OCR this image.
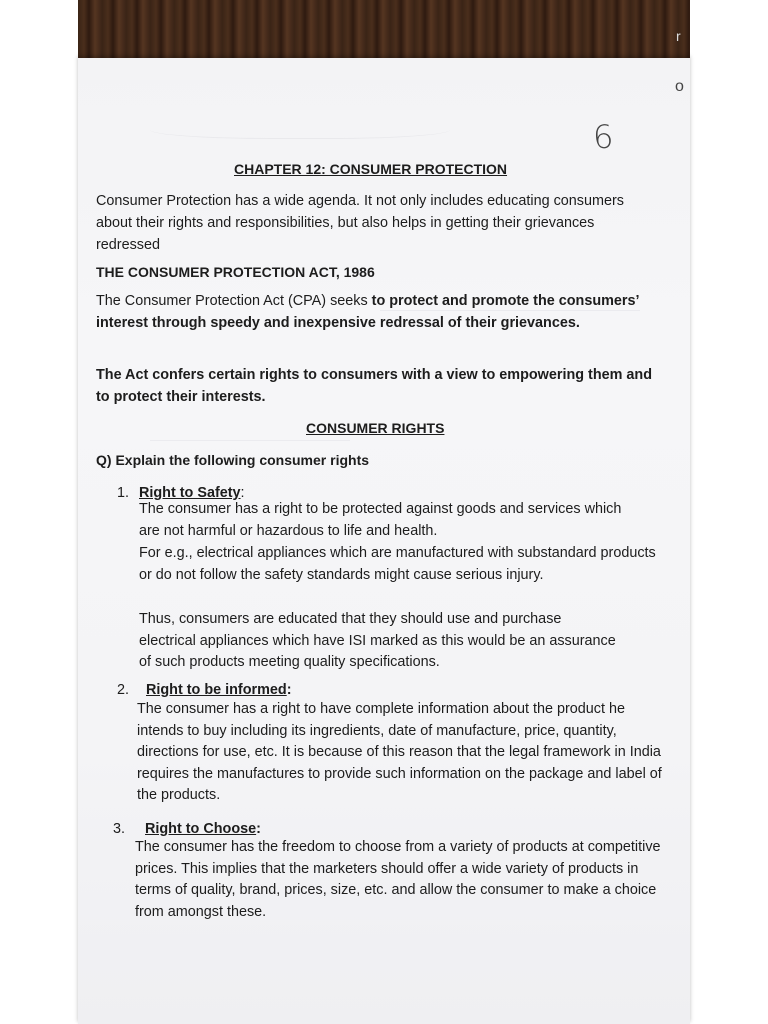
r
o
6

CHAPTER 12: CONSUMER PROTECTION

Consumer Protection has a wide agenda. It not only includes educating consumers about their rights and responsibilities, but also helps in getting their grievances redressed

THE CONSUMER PROTECTION ACT, 1986

The Consumer Protection Act (CPA) seeks to protect and promote the consumers’ interest through speedy and inexpensive redressal of their grievances.

The Act confers certain rights to consumers with a view to empowering them and to protect their interests.

CONSUMER RIGHTS

Q) Explain the following consumer rights

1. Right to Safety:

The consumer has a right to be protected against goods and services which are not harmful or hazardous to life and health.

For e.g., electrical appliances which are manufactured with substandard products or do not follow the safety standards might cause serious injury.

Thus, consumers are educated that they should use and purchase electrical appliances which have ISI marked as this would be an assurance of such products meeting quality specifications.

2. Right to be informed:

The consumer has a right to have complete information about the product he intends to buy including its ingredients, date of manufacture, price, quantity, directions for use, etc. It is because of this reason that the legal framework in India requires the manufactures to provide such information on the package and label of the products.

3. Right to Choose:

The consumer has the freedom to choose from a variety of products at competitive prices. This implies that the marketers should offer a wide variety of products in terms of quality, brand, prices, size, etc. and allow the consumer to make a choice from amongst these.
